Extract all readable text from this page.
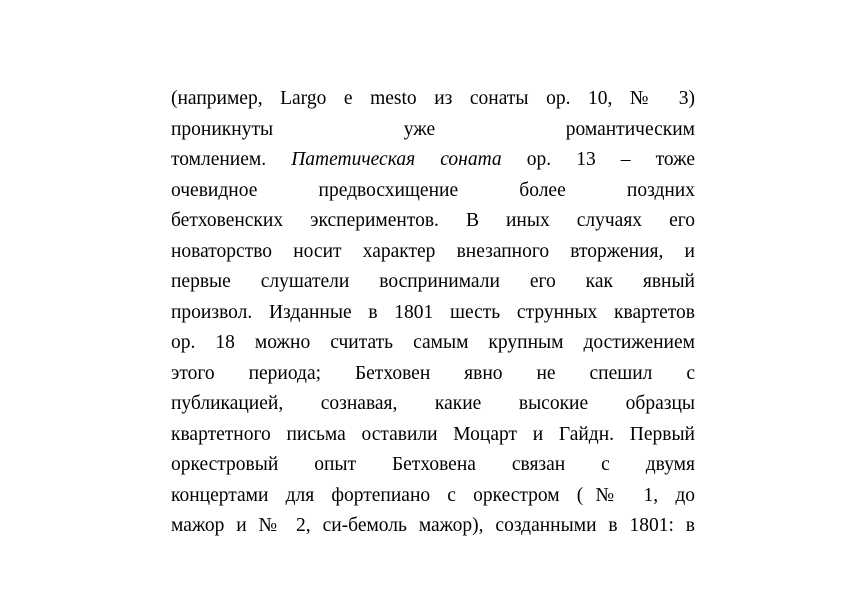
(например, Largo e mesto из сонаты ор. 10, № 3)
проникнуты уже романтическим
томлением. Патетическая соната ор. 13 – тоже
очевидное предвосхищение более поздних
бетховенских экспериментов. В иных случаях его
новаторство носит характер внезапного вторжения, и
первые слушатели воспринимали его как явный
произвол. Изданные в 1801 шесть струнных квартетов
ор. 18 можно считать самым крупным достижением
этого периода; Бетховен явно не спешил с
публикацией, сознавая, какие высокие образцы
квартетного письма оставили Моцарт и Гайдн. Первый
оркестровый опыт Бетховена связан с двумя
концертами для фортепиано с оркестром (№ 1, до
мажор и № 2, си-бемоль мажор), созданными в 1801: в
